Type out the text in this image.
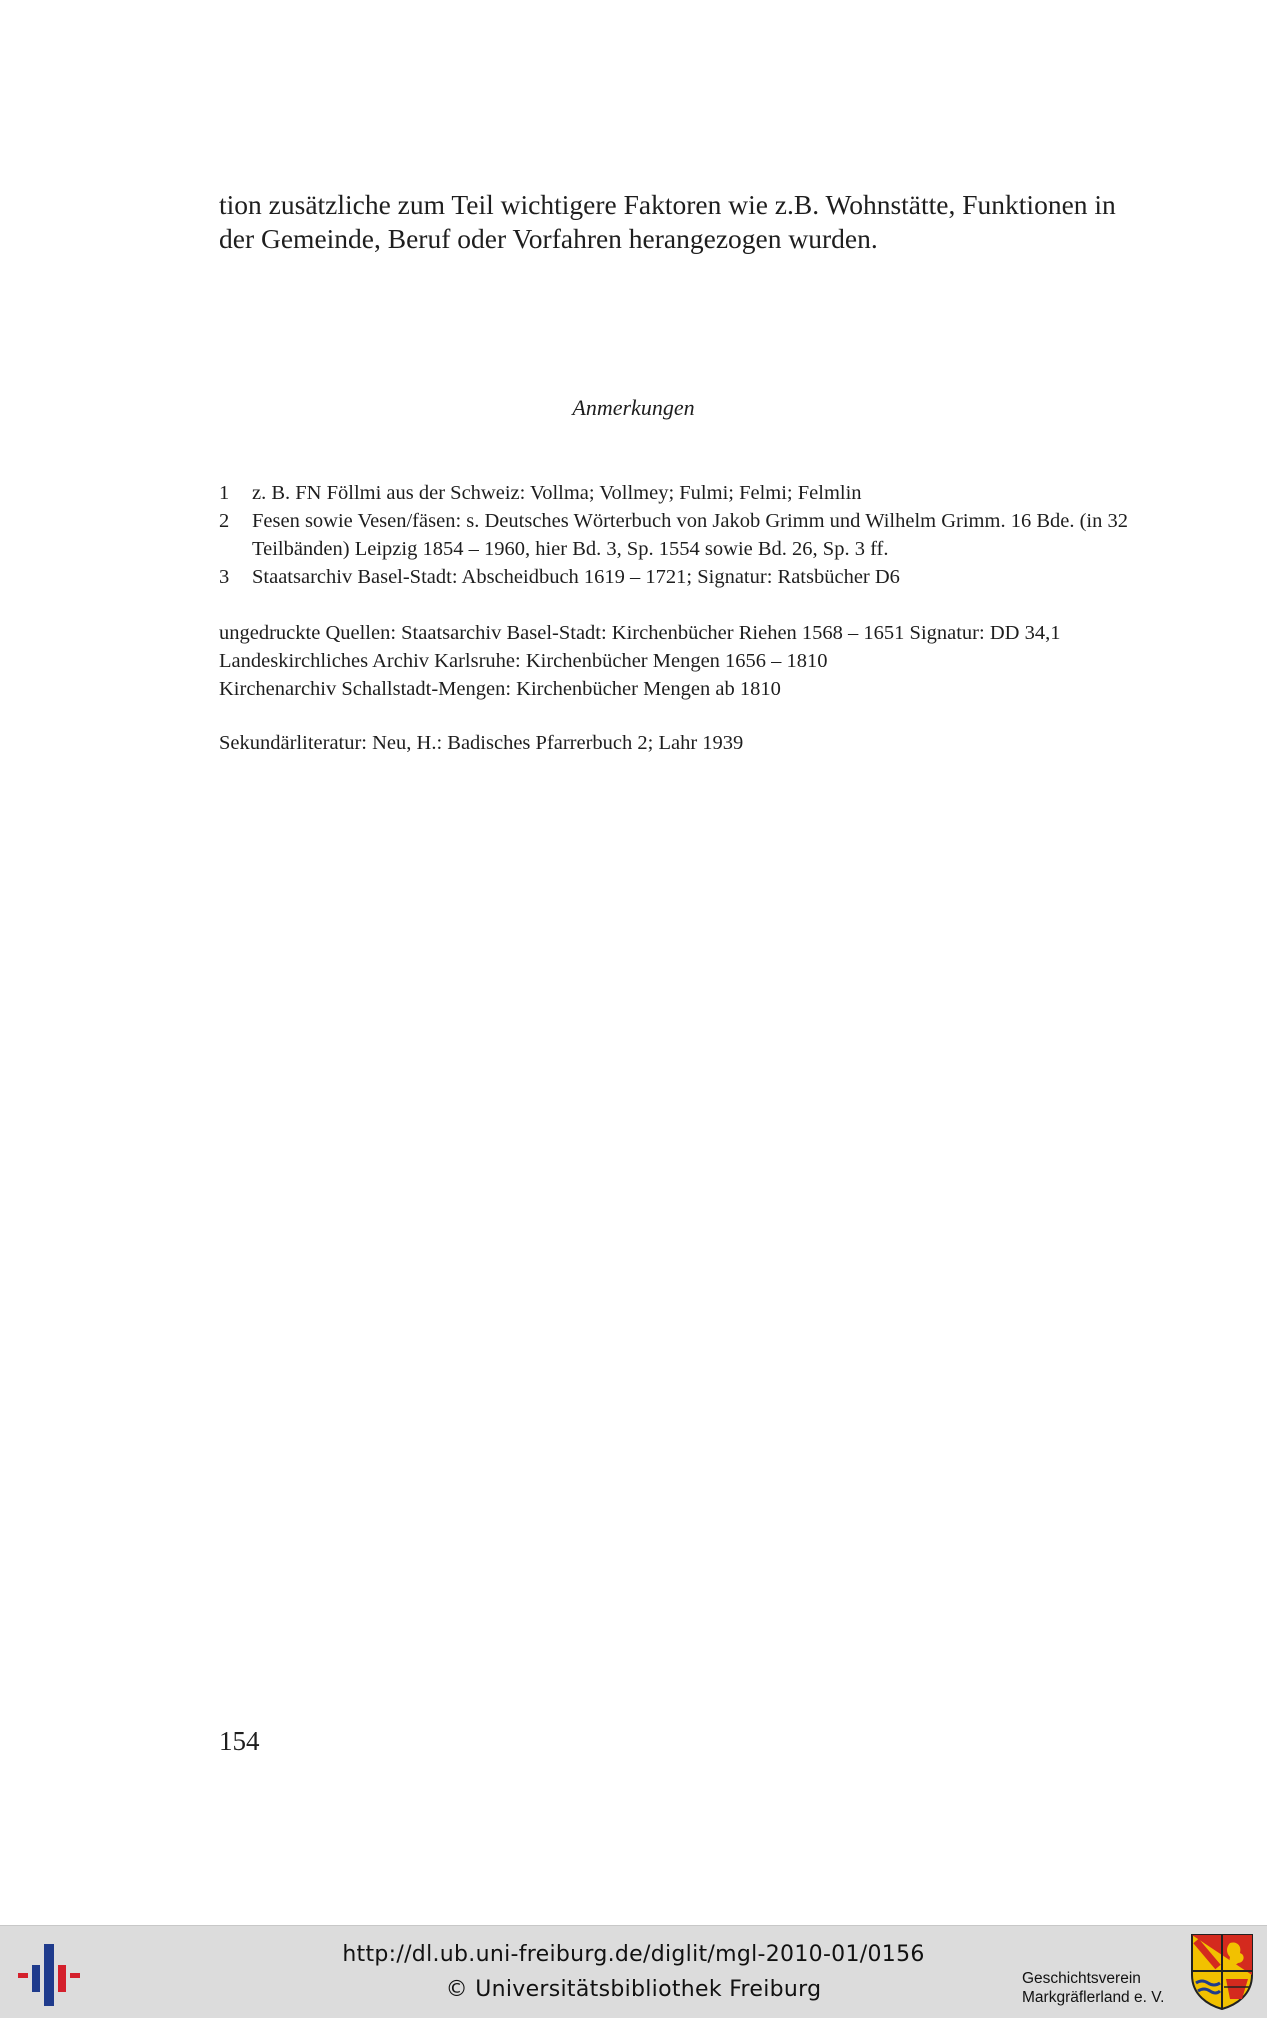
tion zusätzliche zum Teil wichtigere Faktoren wie z.B. Wohnstätte, Funktionen in
der Gemeinde, Beruf oder Vorfahren herangezogen wurden.

Anmerkungen
1 z. B. FN Föllmi aus der Schweiz: Vollma; Vollmey; Fulmi; Felmi; Felmlin
2 Fesen sowie Vesen/fäsen: s. Deutsches Wörterbuch von Jakob Grimm und Wilhelm Grimm. 16 Bde. (in 32 Teilbänden) Leipzig 1854 – 1960, hier Bd. 3, Sp. 1554 sowie Bd. 26, Sp. 3 ff.
3 Staatsarchiv Basel-Stadt: Abscheidbuch 1619 – 1721; Signatur: Ratsbücher D6

ungedruckte Quellen: Staatsarchiv Basel-Stadt: Kirchenbücher Riehen 1568 – 1651 Signatur: DD 34,1
Landeskirchliches Archiv Karlsruhe: Kirchenbücher Mengen 1656 – 1810
Kirchenarchiv Schallstadt-Mengen: Kirchenbücher Mengen ab 1810

Sekundärliteratur: Neu, H.: Badisches Pfarrerbuch 2; Lahr 1939

154

http://dl.ub.uni-freiburg.de/diglit/mgl-2010-01/0156
© Universitätsbibliothek Freiburg	Geschichtsverein
Markgräflerland e. V.
